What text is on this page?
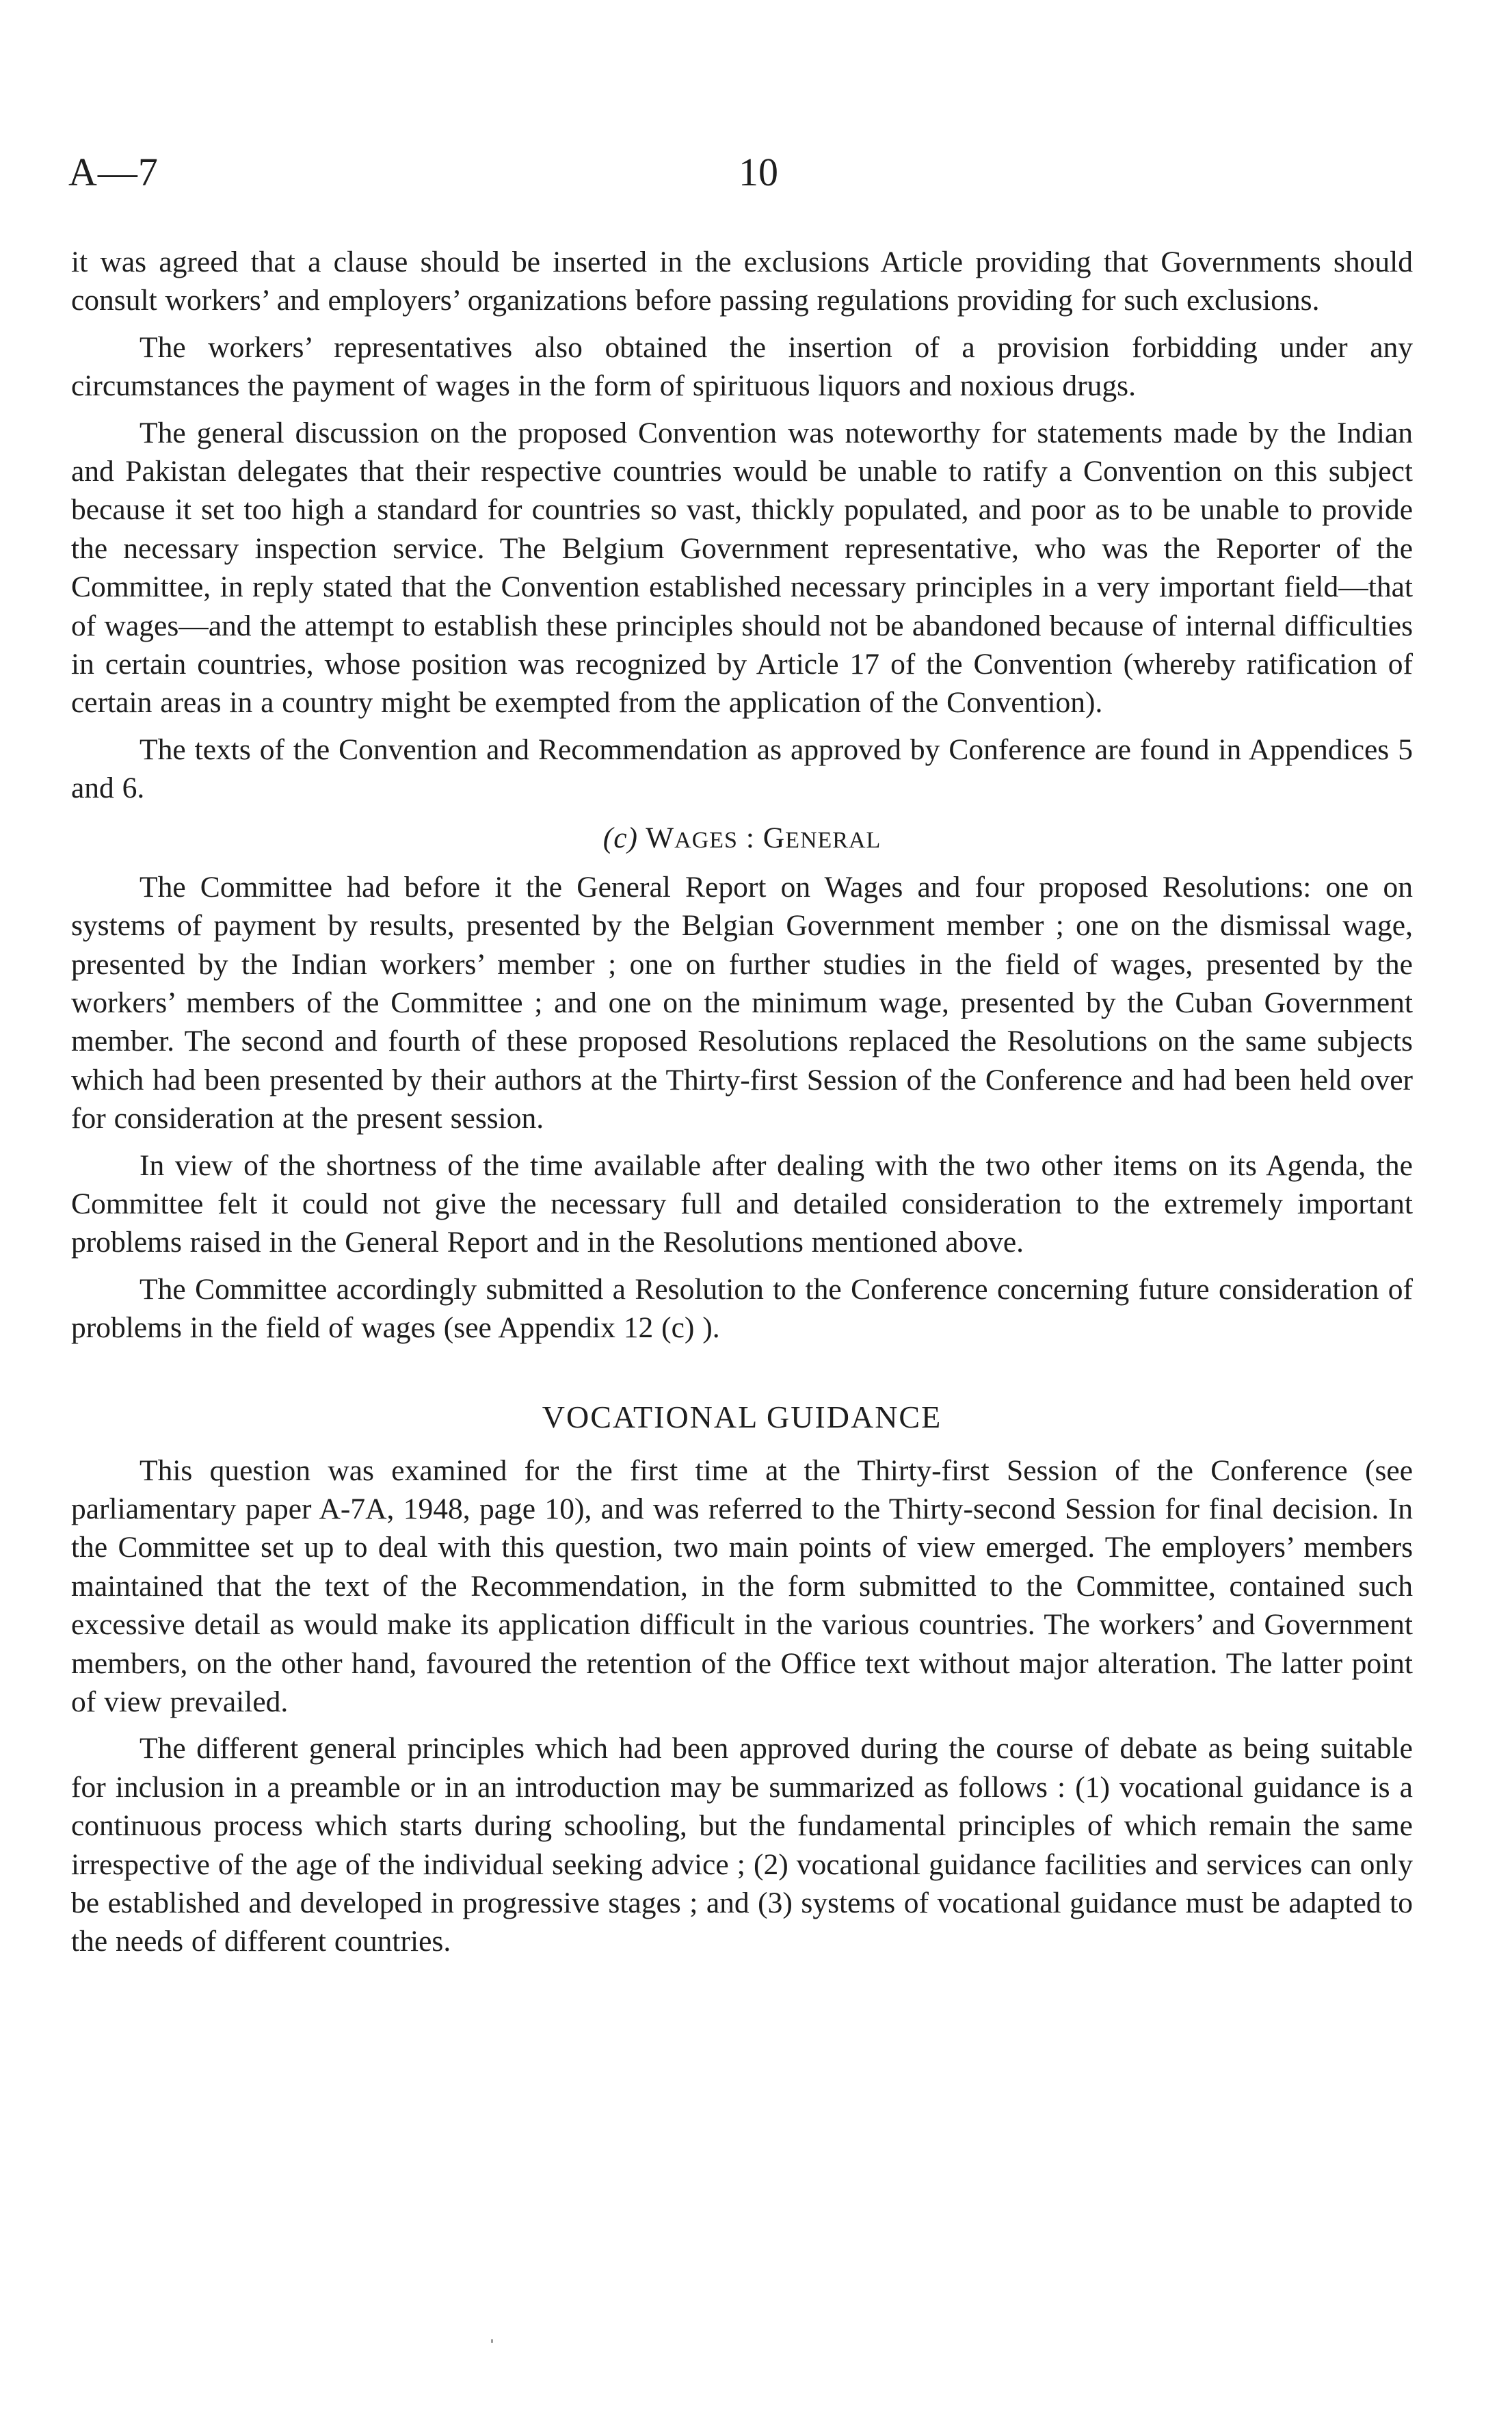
A—7	10

it was agreed that a clause should be inserted in the exclusions Article providing that Governments should consult workers’ and employers’ organizations before passing regulations providing for such exclusions.

The workers’ representatives also obtained the insertion of a provision forbidding under any circumstances the payment of wages in the form of spirituous liquors and noxious drugs.

The general discussion on the proposed Convention was noteworthy for statements made by the Indian and Pakistan delegates that their respective countries would be unable to ratify a Convention on this subject because it set too high a standard for countries so vast, thickly populated, and poor as to be unable to provide the necessary inspection service. The Belgium Government representative, who was the Reporter of the Committee, in reply stated that the Convention established necessary principles in a very important field—that of wages—and the attempt to establish these principles should not be abandoned because of internal difficulties in certain countries, whose position was recognized by Article 17 of the Convention (whereby ratification of certain areas in a country might be exempted from the application of the Convention).

The texts of the Convention and Recommendation as approved by Conference are found in Appendices 5 and 6.

(c) WAGES : GENERAL

The Committee had before it the General Report on Wages and four proposed Resolutions: one on systems of payment by results, presented by the Belgian Government member ; one on the dismissal wage, presented by the Indian workers’ member ; one on further studies in the field of wages, presented by the workers’ members of the Committee ; and one on the minimum wage, presented by the Cuban Government member. The second and fourth of these proposed Resolutions replaced the Resolutions on the same subjects which had been presented by their authors at the Thirty-first Session of the Conference and had been held over for consideration at the present session.

In view of the shortness of the time available after dealing with the two other items on its Agenda, the Committee felt it could not give the necessary full and detailed consideration to the extremely important problems raised in the General Report and in the Resolutions mentioned above.

The Committee accordingly submitted a Resolution to the Conference concerning future consideration of problems in the field of wages (see Appendix 12 (c) ).

VOCATIONAL GUIDANCE

This question was examined for the first time at the Thirty-first Session of the Conference (see parliamentary paper A-7A, 1948, page 10), and was referred to the Thirty-second Session for final decision. In the Committee set up to deal with this question, two main points of view emerged. The employers’ members maintained that the text of the Recommendation, in the form submitted to the Committee, contained such excessive detail as would make its application difficult in the various countries. The workers’ and Government members, on the other hand, favoured the retention of the Office text without major alteration. The latter point of view prevailed.

The different general principles which had been approved during the course of debate as being suitable for inclusion in a preamble or in an introduction may be summarized as follows : (1) vocational guidance is a continuous process which starts during schooling, but the fundamental principles of which remain the same irrespective of the age of the individual seeking advice ; (2) vocational guidance facilities and services can only be established and developed in progressive stages ; and (3) systems of vocational guidance must be adapted to the needs of different countries.
